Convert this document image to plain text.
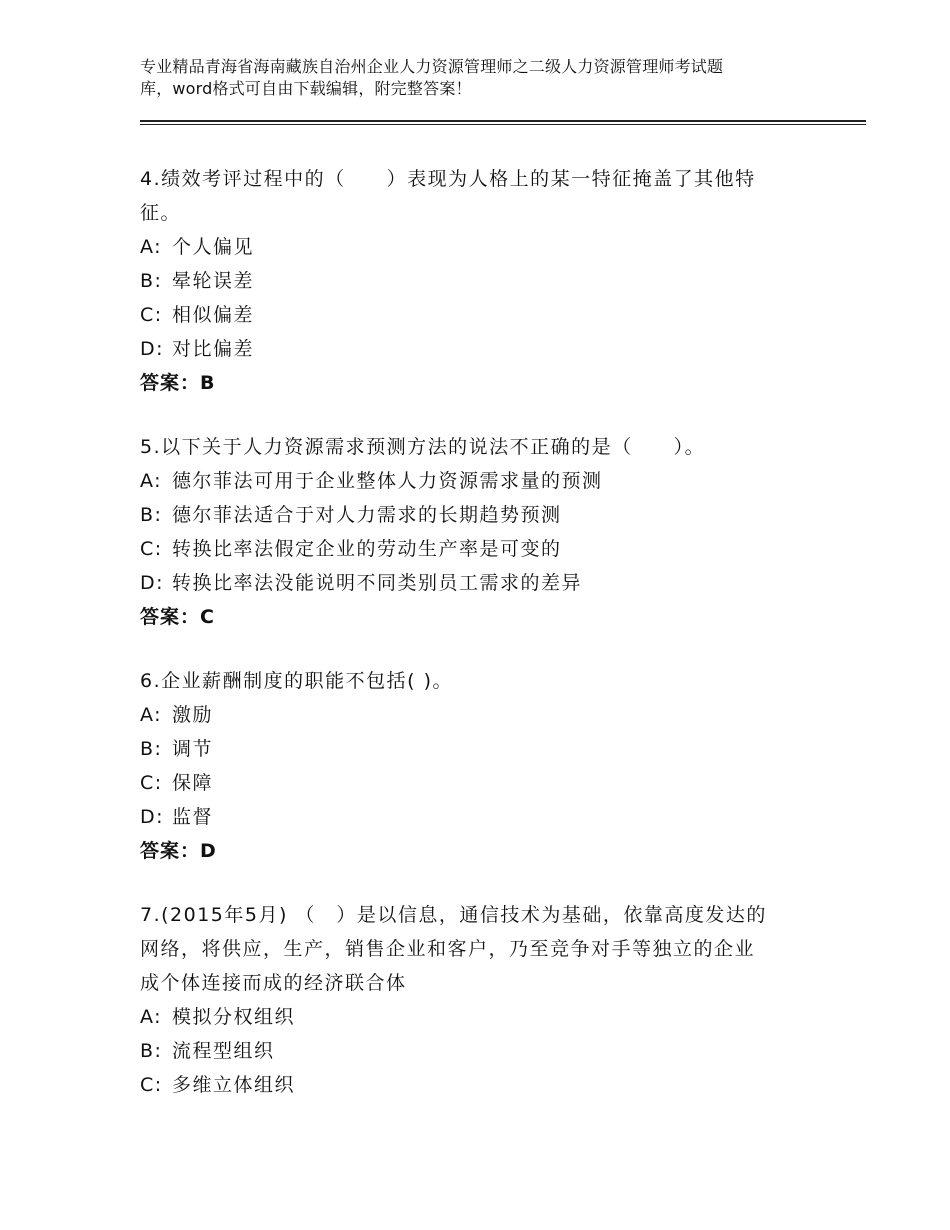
专业精品青海省海南藏族自治州企业人力资源管理师之二级人力资源管理师考试题
库，word格式可自由下载编辑，附完整答案！
4.绩效考评过程中的（　　）表现为人格上的某一特征掩盖了其他特
征。
A: 个人偏见
B: 晕轮误差
C: 相似偏差
D: 对比偏差
答案：B
5.以下关于人力资源需求预测方法的说法不正确的是（　　）。
A: 德尔菲法可用于企业整体人力资源需求量的预测
B: 德尔菲法适合于对人力需求的长期趋势预测
C: 转换比率法假定企业的劳动生产率是可变的
D: 转换比率法没能说明不同类别员工需求的差异
答案：C
6.企业薪酬制度的职能不包括( )。
A: 激励
B: 调节
C: 保障
D: 监督
答案：D
7.(2015年5月) （　）是以信息，通信技术为基础，依靠高度发达的
网络，将供应，生产，销售企业和客户，乃至竞争对手等独立的企业
成个体连接而成的经济联合体
A: 模拟分权组织
B: 流程型组织
C: 多维立体组织
